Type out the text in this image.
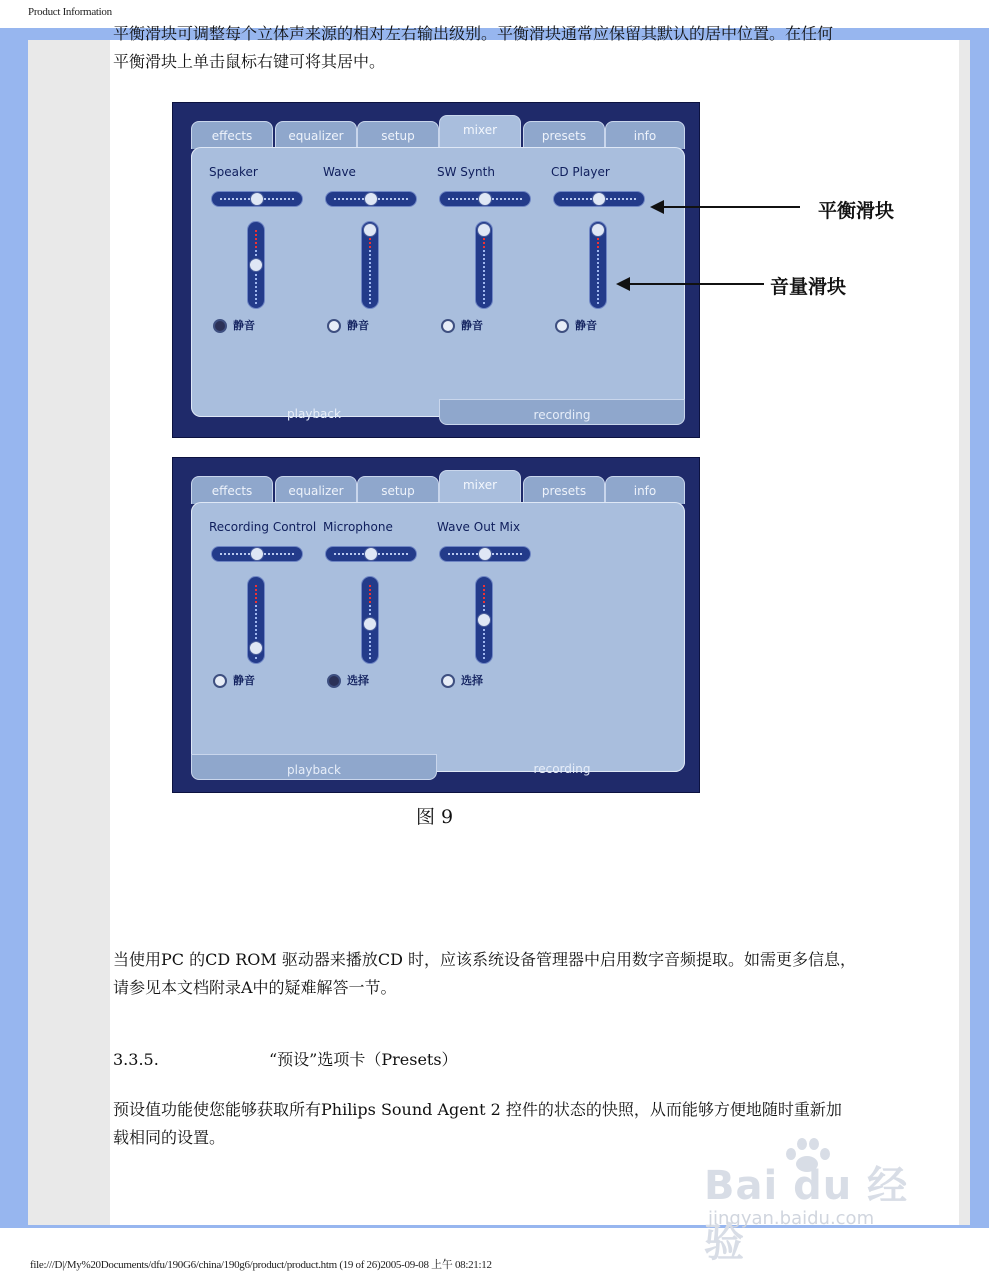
Product Information
平衡滑块可调整每个立体声来源的相对左右输出级别。平衡滑块通常应保留其默认的居中位置。在任何
平衡滑块上单击鼠标右键可将其居中。
effects	equalizer	setup	mixer	presets	info
Speaker
静音
Wave
静音
SW Synth
静音
CD Player
静音
playback	recording
平衡滑块
音量滑块
effects	equalizer	setup	mixer	presets	info
Recording Control
静音
Microphone
选择
Wave Out Mix
选择
playback	recording
图 9
当使用PC 的CD ROM 驱动器来播放CD 时，应该系统设备管理器中启用数字音频提取。如需更多信息，
请参见本文档附录A中的疑难解答一节。
3.3.5.	“预设”选项卡（Presets）
预设值功能使您能够获取所有Philips Sound Agent 2 控件的状态的快照，从而能够方便地随时重新加
载相同的设置。
Bai du 经验
jingyan.baidu.com
file:///D|/My%20Documents/dfu/190G6/china/190g6/product/product.htm (19 of 26)2005-09-08 上午 08:21:12
